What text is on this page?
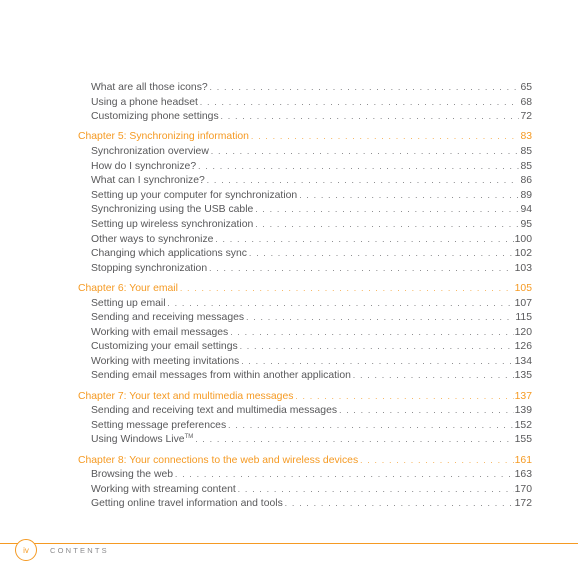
What are all those icons? . . .	65
Using a phone headset . . .	68
Customizing phone settings . . .	72
Chapter 5: Synchronizing information . . .	83
Synchronization overview . . .	85
How do I synchronize? . . .	85
What can I synchronize? . . .	86
Setting up your computer for synchronization . . .	89
Synchronizing using the USB cable . . .	94
Setting up wireless synchronization . . .	95
Other ways to synchronize . . .	100
Changing which applications sync . . .	102
Stopping synchronization . . .	103
Chapter 6: Your email . . .	105
Setting up email . . .	107
Sending and receiving messages . . .	115
Working with email messages . . .	120
Customizing your email settings . . .	126
Working with meeting invitations . . .	134
Sending email messages from within another application . . .	135
Chapter 7: Your text and multimedia messages . . .	137
Sending and receiving text and multimedia messages . . .	139
Setting message preferences . . .	152
Using Windows Live™ . . .	155
Chapter 8: Your connections to the web and wireless devices . . .	161
Browsing the web . . .	163
Working with streaming content . . .	170
Getting online travel information and tools . . .	172
iv	CONTENTS
